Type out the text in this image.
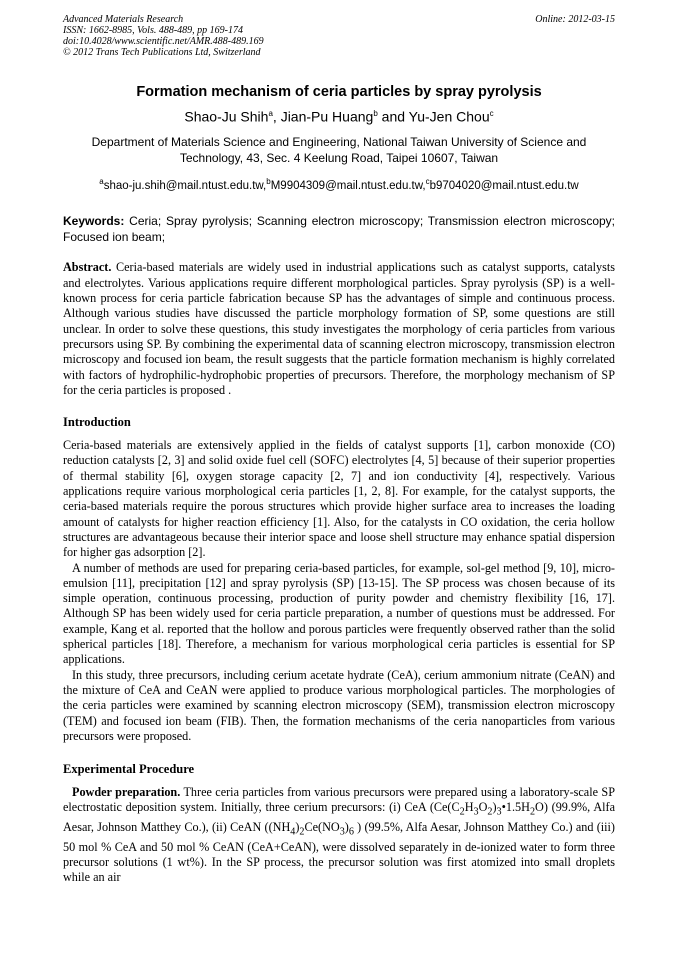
Advanced Materials Research
ISSN: 1662-8985, Vols. 488-489, pp 169-174
doi:10.4028/www.scientific.net/AMR.488-489.169
© 2012 Trans Tech Publications Ltd, Switzerland
Online: 2012-03-15
Formation mechanism of ceria particles by spray pyrolysis
Shao-Ju Shih$^a$, Jian-Pu Huang$^b$ and Yu-Jen Chou$^c$
Department of Materials Science and Engineering, National Taiwan University of Science and Technology, 43, Sec. 4 Keelung Road, Taipei 10607, Taiwan
$^a$shao-ju.shih@mail.ntust.edu.tw,$^b$M9904309@mail.ntust.edu.tw,$^c$b9704020@mail.ntust.edu.tw
Keywords: Ceria; Spray pyrolysis; Scanning electron microscopy; Transmission electron microscopy; Focused ion beam;
Abstract. Ceria-based materials are widely used in industrial applications such as catalyst supports, catalysts and electrolytes. Various applications require different morphological particles. Spray pyrolysis (SP) is a well-known process for ceria particle fabrication because SP has the advantages of simple and continuous process. Although various studies have discussed the particle morphology formation of SP, some questions are still unclear. In order to solve these questions, this study investigates the morphology of ceria particles from various precursors using SP. By combining the experimental data of scanning electron microscopy, transmission electron microscopy and focused ion beam, the result suggests that the particle formation mechanism is highly correlated with factors of hydrophilic-hydrophobic properties of precursors. Therefore, the morphology mechanism of SP for the ceria particles is proposed .
Introduction

Ceria-based materials are extensively applied in the fields of catalyst supports [1], carbon monoxide (CO) reduction catalysts [2, 3] and solid oxide fuel cell (SOFC) electrolytes [4, 5] because of their superior properties of thermal stability [6], oxygen storage capacity [2, 7] and ion conductivity [4], respectively. Various applications require various morphological ceria particles [1, 2, 8]. For example, for the catalyst supports, the ceria-based materials require the porous structures which provide higher surface area to increases the loading amount of catalysts for higher reaction efficiency [1]. Also, for the catalysts in CO oxidation, the ceria hollow structures are advantageous because their interior space and loose shell structure may enhance spatial dispersion for higher gas adsorption [2].

A number of methods are used for preparing ceria-based particles, for example, sol-gel method [9, 10], micro-emulsion [11], precipitation [12] and spray pyrolysis (SP) [13-15]. The SP process was chosen because of its simple operation, continuous processing, production of purity powder and chemistry flexibility [16, 17]. Although SP has been widely used for ceria particle preparation, a number of questions must be addressed. For example, Kang et al. reported that the hollow and porous particles were frequently observed rather than the solid spherical particles [18]. Therefore, a mechanism for various morphological ceria particles is essential for SP applications.

In this study, three precursors, including cerium acetate hydrate (CeA), cerium ammonium nitrate (CeAN) and the mixture of CeA and CeAN were applied to produce various morphological particles. The morphologies of the ceria particles were examined by scanning electron microscopy (SEM), transmission electron microscopy (TEM) and focused ion beam (FIB). Then, the formation mechanisms of the ceria nanoparticles from various precursors were proposed.

Experimental Procedure

Powder preparation. Three ceria particles from various precursors were prepared using a laboratory-scale SP electrostatic deposition system. Initially, three cerium precursors: (i) CeA $(Ce(C_2H_3O_2)_3•1.5H_2O)$ (99.9%, Alfa Aesar, Johnson Matthey Co.), (ii) CeAN ($(NH_4)_2Ce(NO_3)_6$ ) (99.5%, Alfa Aesar, Johnson Matthey Co.) and (iii) 50 mol % CeA and 50 mol % CeAN (CeA+CeAN), were dissolved separately in de-ionized water to form three precursor solutions (1 wt%). In the SP process, the precursor solution was first atomized into small droplets while an air
